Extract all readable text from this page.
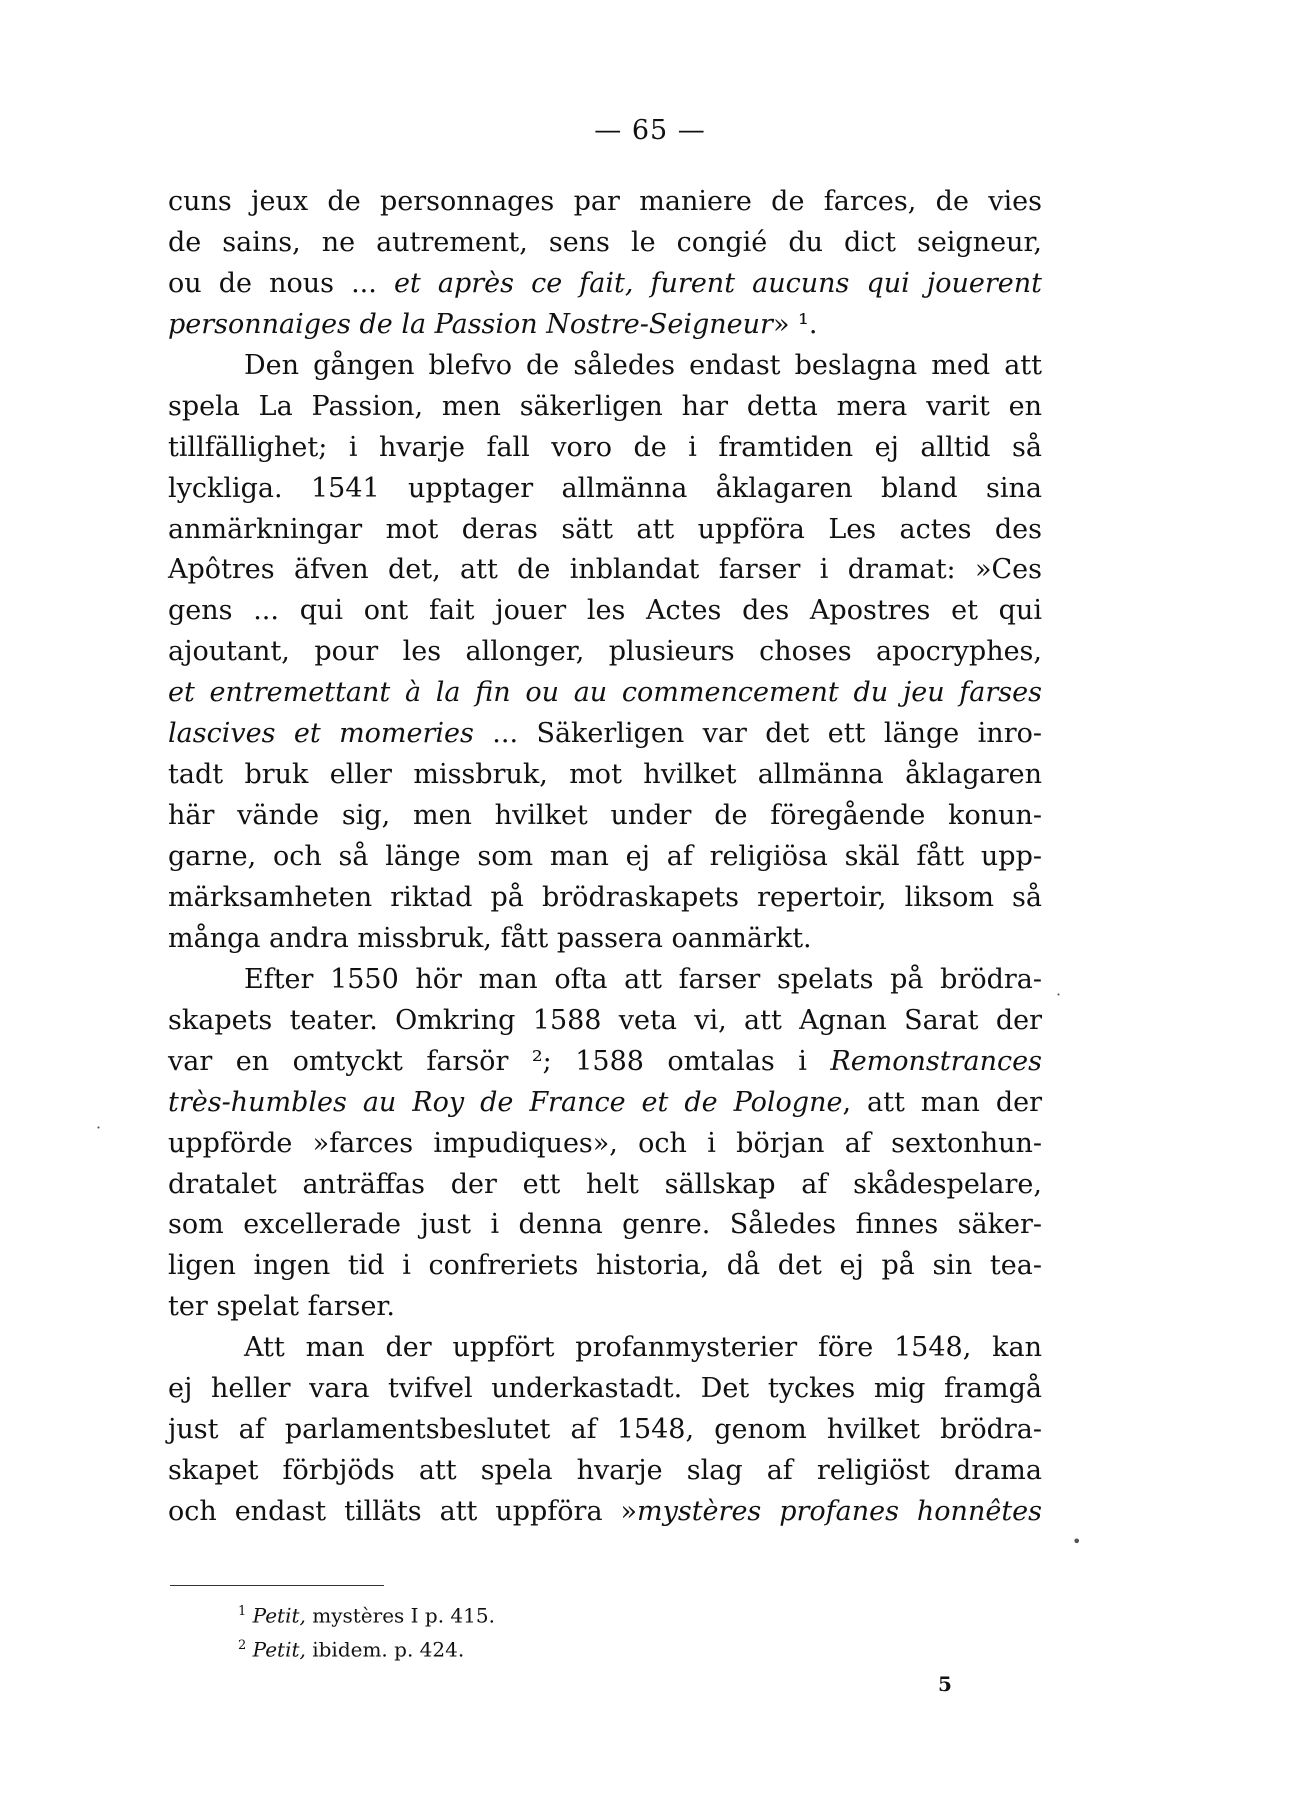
— 65 —
cuns jeux de personnages par maniere de farces, de vies
de sains, ne autrement, sens le congié du dict seigneur,
ou de nous ... et après ce fait, furent aucuns qui jouerent
personnaiges de la Passion Nostre-Seigneur» ¹.
Den gången blefvo de således endast beslagna med att
spela La Passion, men säkerligen har detta mera varit en
tillfällighet; i hvarje fall voro de i framtiden ej alltid så
lyckliga. 1541 upptager allmänna åklagaren bland sina
anmärkningar mot deras sätt att uppföra Les actes des
Apôtres äfven det, att de inblandat farser i dramat: »Ces
gens ... qui ont fait jouer les Actes des Apostres et qui
ajoutant, pour les allonger, plusieurs choses apocryphes,
et entremettant à la fin ou au commencement du jeu farses
lascives et momeries ... Säkerligen var det ett länge inro-
tadt bruk eller missbruk, mot hvilket allmänna åklagaren
här vände sig, men hvilket under de föregående konun-
garne, och så länge som man ej af religiösa skäl fått upp-
märksamheten riktad på brödraskapets repertoir, liksom så
många andra missbruk, fått passera oanmärkt.
Efter 1550 hör man ofta att farser spelats på brödra-
skapets teater. Omkring 1588 veta vi, att Agnan Sarat der
var en omtyckt farsör ²; 1588 omtalas i Remonstrances
très-humbles au Roy de France et de Pologne, att man der
uppförde »farces impudiques», och i början af sextonhun-
dratalet anträffas der ett helt sällskap af skådespelare,
som excellerade just i denna genre. Således finnes säker-
ligen ingen tid i confreriets historia, då det ej på sin tea-
ter spelat farser.
Att man der uppfört profanmysterier före 1548, kan
ej heller vara tvifvel underkastadt. Det tyckes mig framgå
just af parlamentsbeslutet af 1548, genom hvilket brödra-
skapet förbjöds att spela hvarje slag af religiöst drama
och endast tilläts att uppföra »mystères profanes honnêtes
$^1$ Petit, mystères I p. 415.
$^2$ Petit, ibidem. p. 424.
5
·
·
•
